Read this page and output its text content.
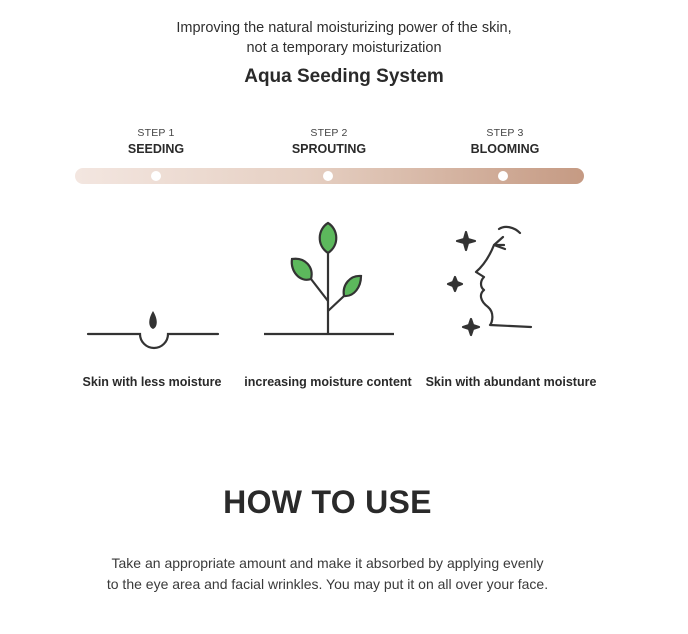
Improving the natural moisturizing power of the skin,
not a temporary moisturization
Aqua Seeding System
STEP 1
SEEDING
STEP 2
SPROUTING
STEP 3
BLOOMING
Skin with less moisture	increasing moisture content	Skin with abundant moisture
HOW TO USE
Take an appropriate amount and make it absorbed by applying evenly
to the eye area and facial wrinkles. You may put it on all over your face.
